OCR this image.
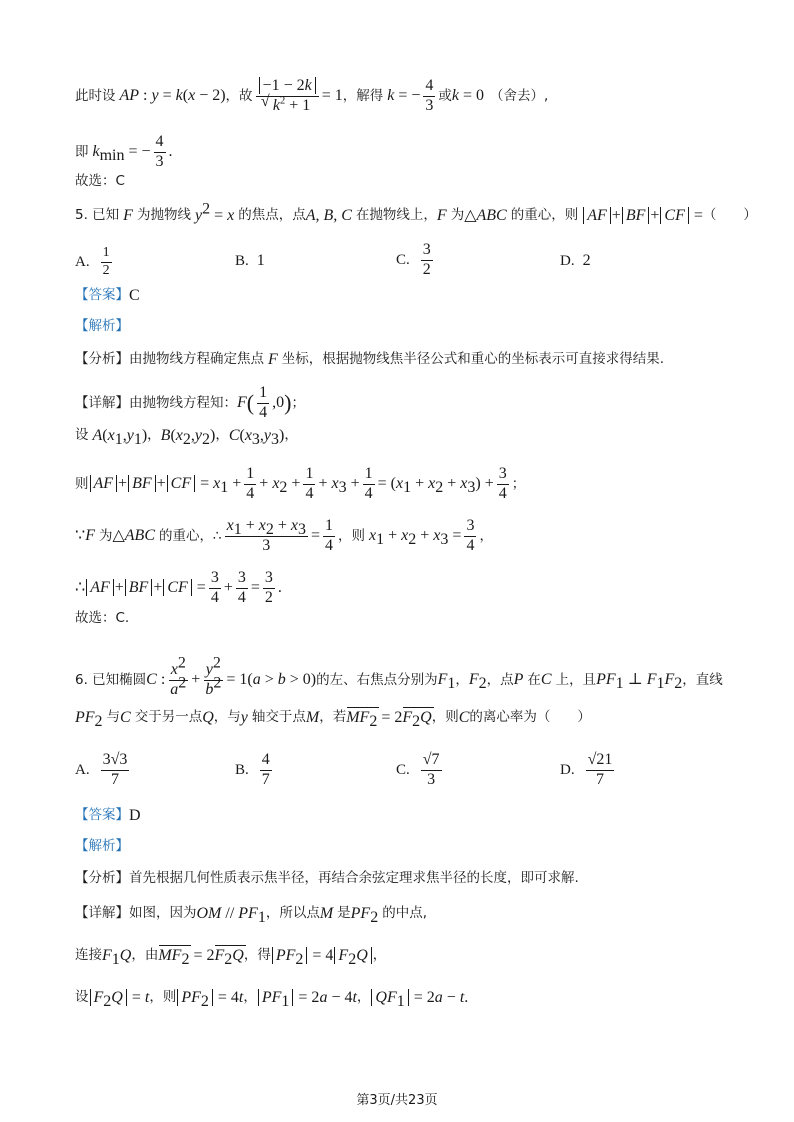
此时设 AP : y = k(x − 2) ，故 −1 − 2k
√ $k^2 + 1 = 1$ ，解得 k = − $\frac{4}{3}$ 或 k = 0 （舍去）,
即 $k_{min}$ = − $\frac{4}{3}$ .
故选：C
5. 已知 F 为抛物线 $y^2 = x$ 的焦点，点 A, B, C 在抛物线上， F 为 △ABC 的重心，则 AF + BF + CF = （　　）
A. $\frac{1}{2}$	B. 1	C. $\frac{3}{2}$	D. 2
【答案】 C
【解析】
【分析】 由抛物线方程确定焦点 F 坐标，根据抛物线焦半径公式和重心的坐标表示可直接求得结果.
【详解】 由抛物线方程知： F ( $\frac{1}{4} ,0$ ) ；
设 $A(x_1,y_1)$ ， $B(x_2,y_2)$ ， $C(x_3,y_3)$ ，
则 AF + BF + CF = $x_1 + \frac{1}{4} + x_2 + \frac{1}{4} + x_3 + \frac{1}{4} = (x_1 + x_2 + x_3) + \frac{3}{4}$ ；
∵ F 为 △ABC 的重心，∴ $\frac{x_1 + x_2 + x_3}{3} = \frac{1}{4}$ ，则 $x_1 + x_2 + x_3 = \frac{3}{4}$ ，
∴ AF + BF + CF = $\frac{3}{4} + \frac{3}{4} = \frac{3}{2}$ .
故选：C.
6. 已知椭圆 C : $\frac{x^2}{a^2} + \frac{y^2}{b^2} = 1(a > b > 0)$ 的左、右焦点分别为 $F_1$ ， $F_2$ ，点 P 在 C 上，且 $PF_1$ ⊥ $F_1F_2$ ，直线
$PF_2$ 与 C 交于另一点 Q ，与 y 轴交于点 M ，若 $MF_2 = 2F_2Q$ ，则 C 的离心率为（　　）
A. $\frac{3√3}{7}$	B. $\frac{4}{7}$	C. $\frac{√7}{3}$	D. $\frac{√21}{7}$
【答案】 D
【解析】
【分析】 首先根据几何性质表示焦半径，再结合余弦定理求焦半径的长度，即可求解.
【详解】 如图，因为 OM // $PF_1$ ，所以点 M 是 $PF_2$ 的中点,
连接 $F_1Q$ ，由 $MF_2 = 2F_2Q$ ，得 $PF_2 = 4$ $F_2Q$ ，
设 $F_2Q = t$ ，则 $PF_2 = 4t$ ， $PF_1 = 2a - 4t$ ， $QF_1 = 2a - t$ .
第3页/共23页
